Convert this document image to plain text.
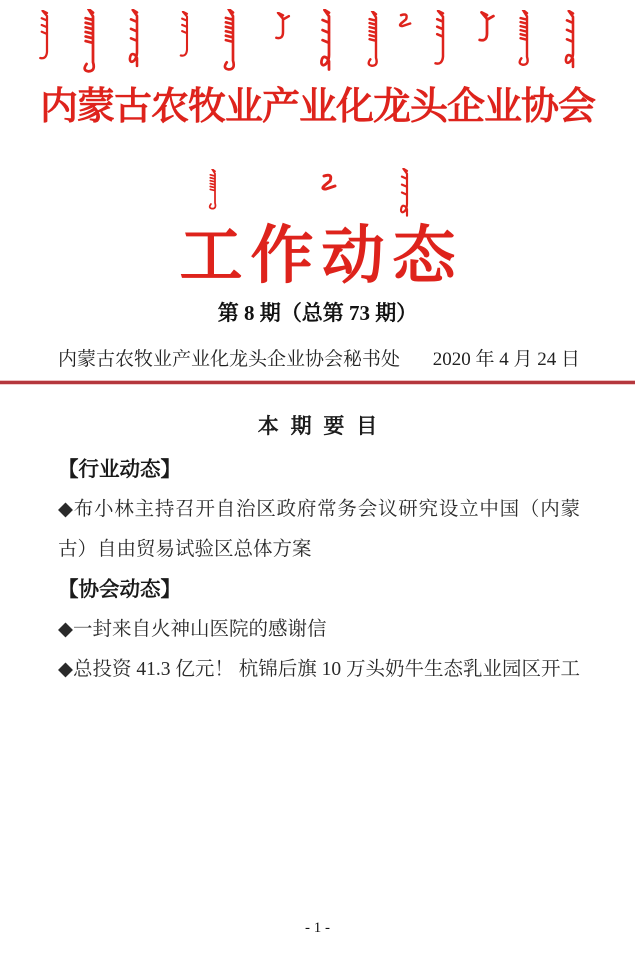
内蒙古农牧业产业化龙头企业协会
工作动态
第 8 期（总第 73 期）
内蒙古农牧业产业化龙头企业协会秘书处 2020 年 4 月 24 日
本 期 要 目
【行业动态】

◆布小林主持召开自治区政府常务会议研究设立中国（内蒙古）自由贸易试验区总体方案

【协会动态】

◆一封来自火神山医院的感谢信

◆总投资 41.3 亿元！ 杭锦后旗 10 万头奶牛生态乳业园区开工

- 1 -
